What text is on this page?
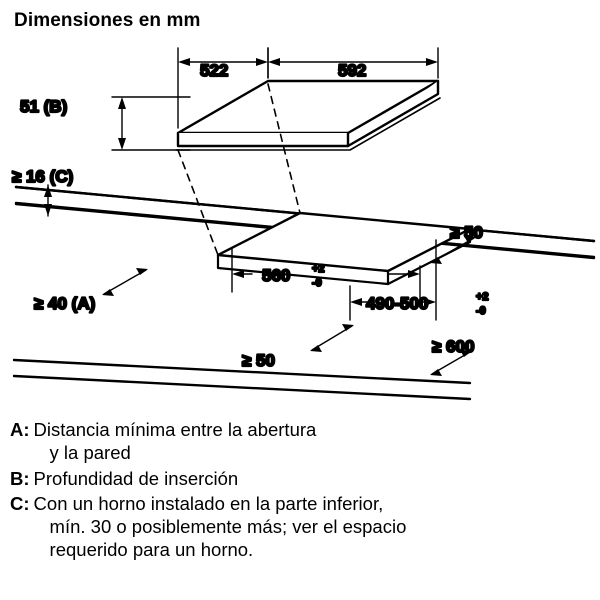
Dimensiones en mm
522	592
51 (B)
≥ 16 (C)
≥ 50
560 +2
-0
≥ 40 (A)	490-500	+2
-0
≥ 50
≥ 600
A: Distancia mínima entre la abertura
y la pared
B: Profundidad de inserción
C: Con un horno instalado en la parte inferior,
mín. 30 o posiblemente más; ver el espacio
requerido para un horno.
